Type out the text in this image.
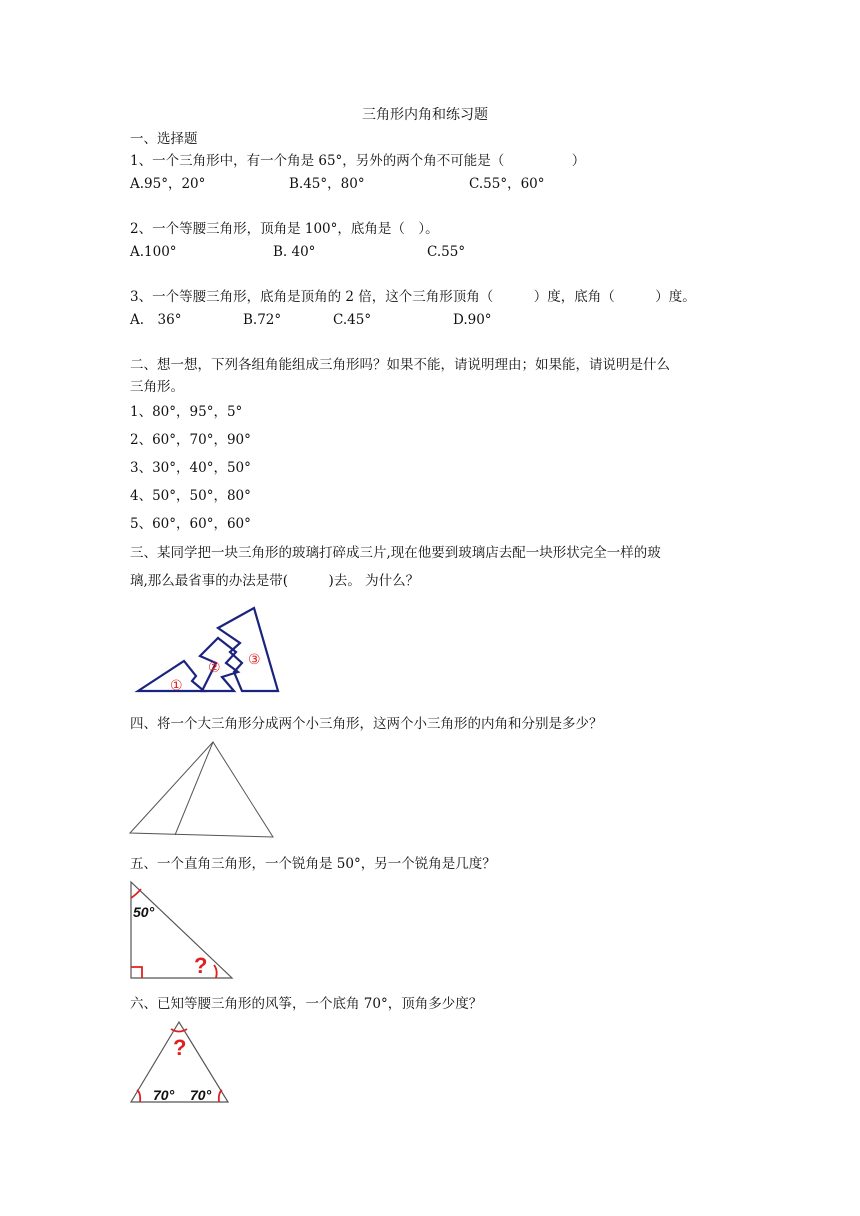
三角形内角和练习题
一、选择题
1、一个三角形中，有一个角是 65°，另外的两个角不可能是（　　　　　）
A.95°，20°	B.45°，80°	C.55°，60°
2、一个等腰三角形，顶角是 100°，底角是（　）。
A.100°	B. 40°	C.55°
3、一个等腰三角形，底角是顶角的 2 倍，这个三角形顶角（　　　）度，底角（　　　）度。
A.　36°	B.72°	C.45°	D.90°
二、想一想，下列各组角能组成三角形吗？如果不能，请说明理由；如果能，请说明是什么
三角形。
1、80°，95°，5°
2、60°，70°，90°
3、30°，40°，50°
4、50°，50°，80°
5、60°，60°，60°
三、某同学把一块三角形的玻璃打碎成三片,现在他要到玻璃店去配一块形状完全一样的玻
璃,那么最省事的办法是带(　　　)去。 为什么？
①
② ③
四、将一个大三角形分成两个小三角形，这两个小三角形的内角和分别是多少？
五、一个直角三角形，一个锐角是 50°，另一个锐角是几度？
50°
?
六、已知等腰三角形的风筝，一个底角 70°，顶角多少度？
?
70° 70°
